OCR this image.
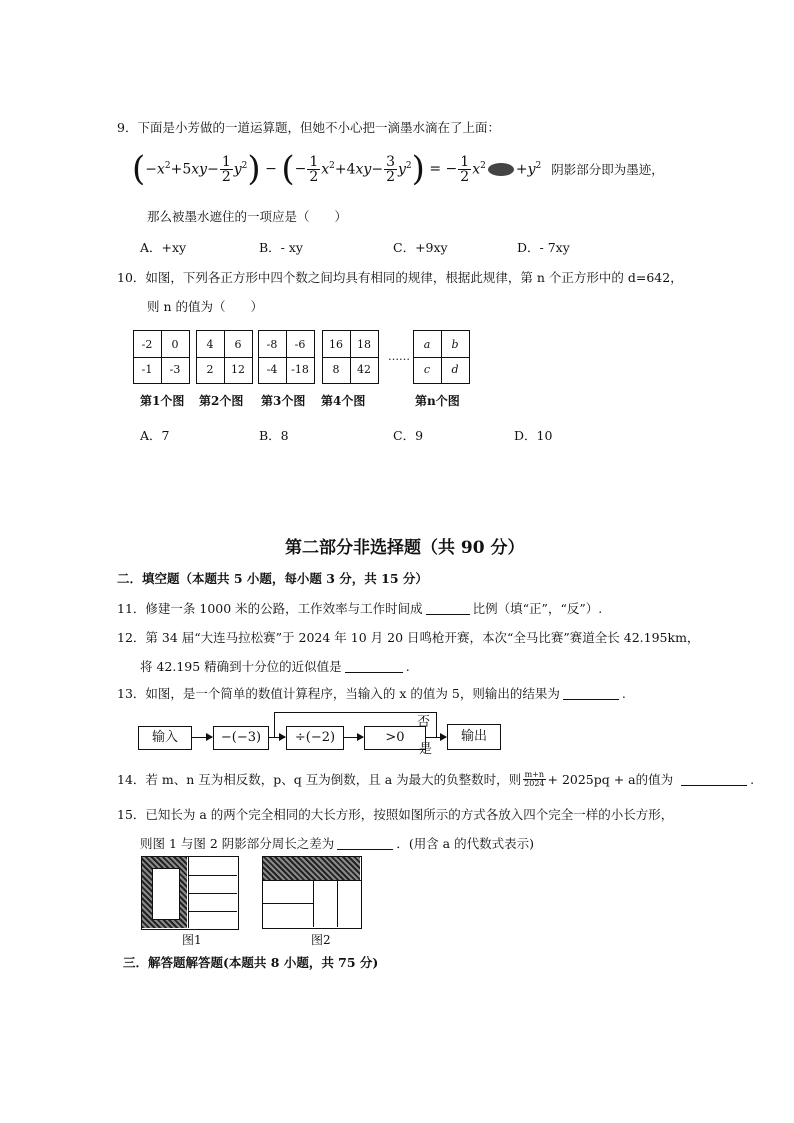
9．下面是小芳做的一道运算题，但她不小心把一滴墨水滴在了上面：
( $-x^2+5xy- \frac{1}{2} y^2$ ) − ( − $\frac{1}{2} x^2+4xy- \frac{3}{2} y^2$ ) = − $\frac{1}{2} x^2 +y^2$ 阴影部分即为墨迹，
那么被墨水遮住的一项应是（　　）
A．+xy	B．- xy	C．+9xy	D．- 7xy
10．如图，下列各正方形中四个数之间均具有相同的规律，根据此规律，第 n 个正方形中的 d=642，
则 n 的值为（　　）
-2	0
-1	-3
第1个图
4	6
2	12
第2个图
-8	-6
-4	-18
第3个图
16	18
8	42
第4个图
……
a	b
c	d
第n个图
A．7	B．8	C．9	D．10
第二部分非选择题（共 90 分）
二．填空题（本题共 5 小题，每小题 3 分，共 15 分）
11．修建一条 1000 米的公路，工作效率与工作时间成	比例（填“正”，“反”）.
12．第 34 届“大连马拉松赛”于 2024 年 10 月 20 日鸣枪开赛，本次“全马比赛”赛道全长 42.195km，
将 42.195 精确到十分位的近似值是	.
13．如图，是一个简单的数值计算程序，当输入的 x 的值为 5，则输出的结果为	.
输入	−(−3)	÷(−2)	>0	输出
否
是
14．若 m、n 互为相反数，p、q 互为倒数，且 a 为最大的负整数时，则 $\frac{m+n}{2024} + 2025pq + a$的值为	.
15．已知长为 a 的两个完全相同的大长方形，按照如图所示的方式各放入四个完全一样的小长方形，
则图 1 与图 2 阴影部分周长之差为	．(用含 a 的代数式表示)
图1	图2
三．解答题解答题(本题共 8 小题，共 75 分)
